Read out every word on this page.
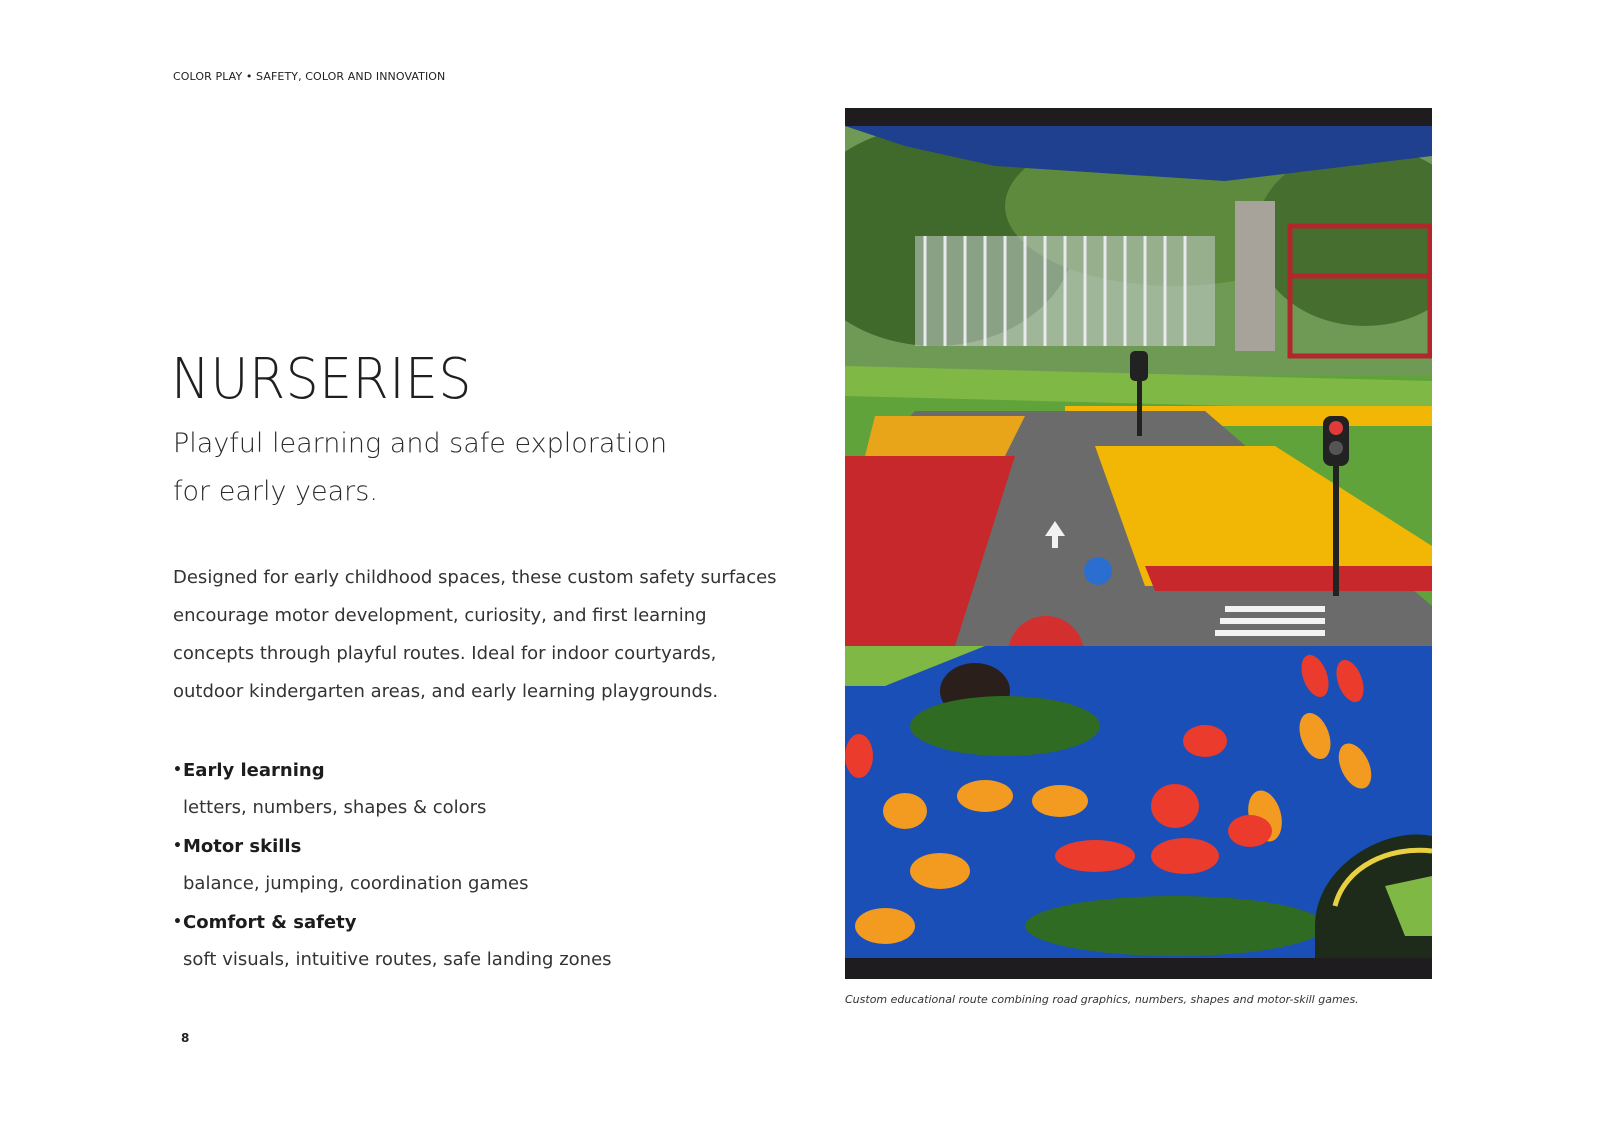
COLOR PLAY • SAFETY, COLOR AND INNOVATION
NURSERIES
Playful learning and safe exploration
for early years.
Designed for early childhood spaces, these custom safety surfaces
encourage motor development, curiosity, and first learning
concepts through playful routes. Ideal for indoor courtyards,
outdoor kindergarten areas, and early learning playgrounds.
• Early learning
letters, numbers, shapes & colors
• Motor skills
balance, jumping, coordination games
• Comfort & safety
soft visuals, intuitive routes, safe landing zones
8
Custom educational route combining road graphics, numbers, shapes and motor-skill games.
